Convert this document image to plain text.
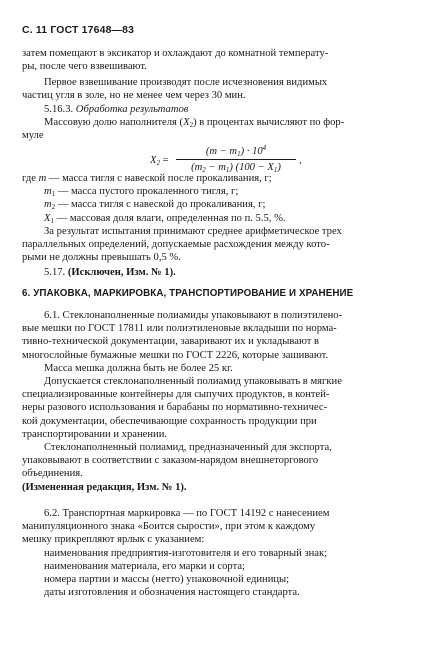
С. 11 ГОСТ 17648—83

затем помещают в эксикатор и охлаждают до комнатной температу-

ры, после чего взвешивают.

Первое взвешивание производят после исчезновения видимых

частиц угля в золе, но не менее чем через 30 мин.

5.16.3. Обработка результатов

Массовую долю наполнителя $(X_2)$ в процентах вычисляют по фор-

муле

$X_2$ =
$(m - m_1) \cdot 10^4$
$(m_2 - m_1) (100 - X_1)$
,

где m — масса тигля с навеской после прокаливания, г;

$m_1$ — масса пустого прокаленного тигля, г;

$m_2$ — масса тигля с навеской до прокаливания, г;

$X_1$ — массовая доля влаги, определенная по п. 5.5, %.

За результат испытания принимают среднее арифметическое трех

параллельных определений, допускаемые расхождения между кото-

рыми не должны превышать 0,5 %.

5.17. (Исключен, Изм. № 1).

6. УПАКОВКА, МАРКИРОВКА, ТРАНСПОРТИРОВАНИЕ И ХРАНЕНИЕ

6.1. Стеклонаполненные полиамиды упаковывают в полиэтилено-

вые мешки по ГОСТ 17811 или полиэтиленовые вкладыши по норма-

тивно-технической документации, заваривают их и укладывают в

многослойные бумажные мешки по ГОСТ 2226, которые зашивают.

Масса мешка должна быть не более 25 кг.

Допускается стеклонаполненный полиамид упаковывать в мягкие

специализированные контейнеры для сыпучих продуктов, в контей-

неры разового использования и барабаны по нормативно-техничес-

кой документации, обеспечивающие сохранность продукции при

транспортировании и хранении.

Стеклонаполненный полиамид, предназначенный для экспорта,

упаковывают в соответствии с заказом-нарядом внешнеторгового

объединения.

(Измененная редакция, Изм. № 1).

6.2. Транспортная маркировка — по ГОСТ 14192 с нанесением

манипуляционного знака «Боится сырости», при этом к каждому

мешку прикрепляют ярлык с указанием:

наименования предприятия-изготовителя и его товарный знак;

наименования материала, его марки и сорта;

номера партии и массы (нетто) упаковочной единицы;

даты изготовления и обозначения настоящего стандарта.
